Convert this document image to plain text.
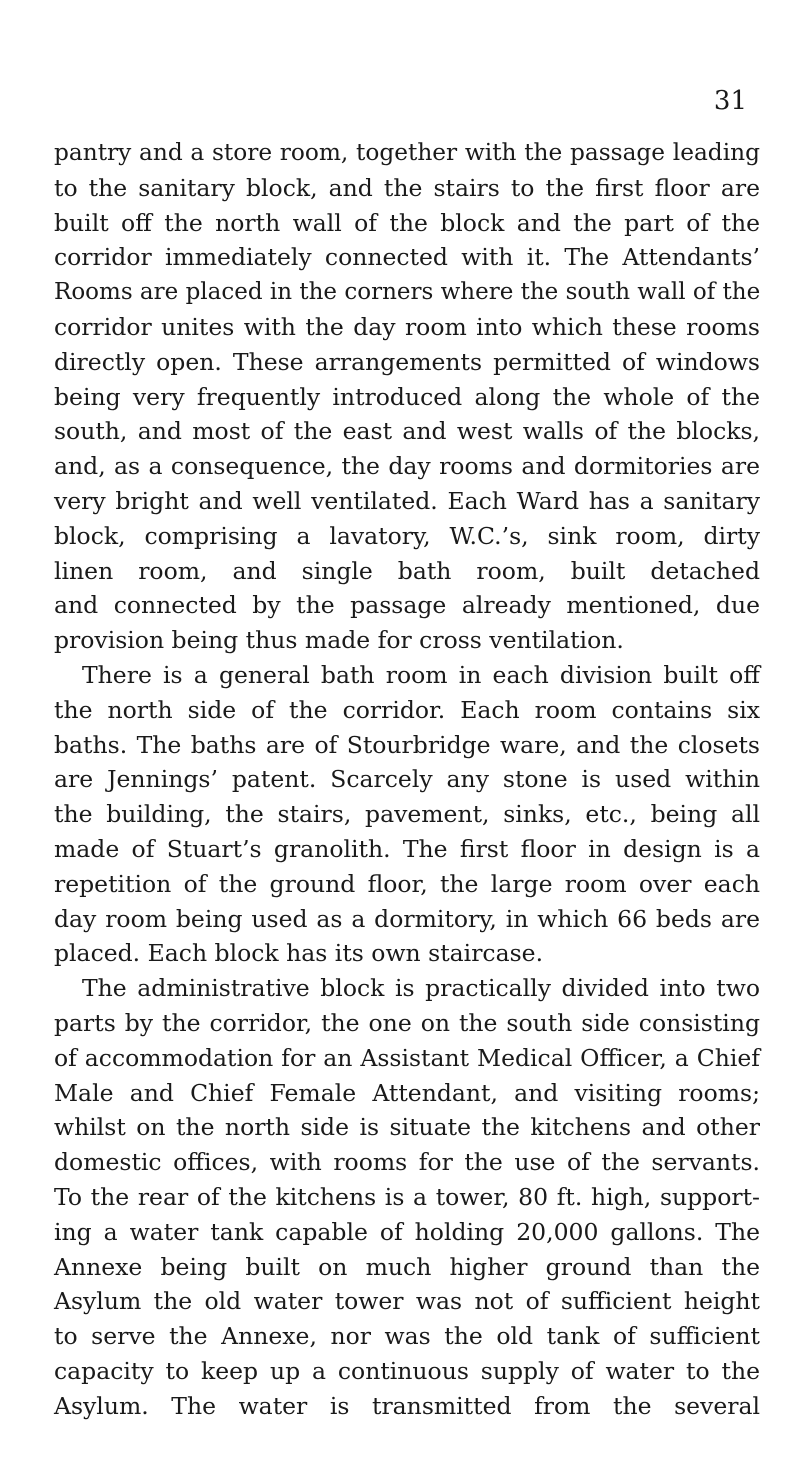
31
pantry and a store room, together with the passage leading
to the sanitary block, and the stairs to the first floor are
built off the north wall of the block and the part of the
corridor immediately connected with it. The Attendants’
Rooms are placed in the corners where the south wall of the
corridor unites with the day room into which these rooms
directly open. These arrangements permitted of windows
being very frequently introduced along the whole of the
south, and most of the east and west walls of the blocks,
and, as a consequence, the day rooms and dormitories are
very bright and well ventilated. Each Ward has a sanitary
block, comprising a lavatory, W.C.’s, sink room, dirty
linen room, and single bath room, built detached
and connected by the passage already mentioned, due
provision being thus made for cross ventilation.
There is a general bath room in each division built off
the north side of the corridor. Each room contains six
baths. The baths are of Stourbridge ware, and the closets
are Jennings’ patent. Scarcely any stone is used within
the building, the stairs, pavement, sinks, etc., being all
made of Stuart’s granolith. The first floor in design is a
repetition of the ground floor, the large room over each
day room being used as a dormitory, in which 66 beds are
placed. Each block has its own staircase.
The administrative block is practically divided into two
parts by the corridor, the one on the south side consisting
of accommodation for an Assistant Medical Officer, a Chief
Male and Chief Female Attendant, and visiting rooms;
whilst on the north side is situate the kitchens and other
domestic offices, with rooms for the use of the servants.
To the rear of the kitchens is a tower, 80 ft. high, support-
ing a water tank capable of holding 20,000 gallons. The
Annexe being built on much higher ground than the
Asylum the old water tower was not of sufficient height
to serve the Annexe, nor was the old tank of sufficient
capacity to keep up a continuous supply of water to the
Asylum. The water is transmitted from the several
